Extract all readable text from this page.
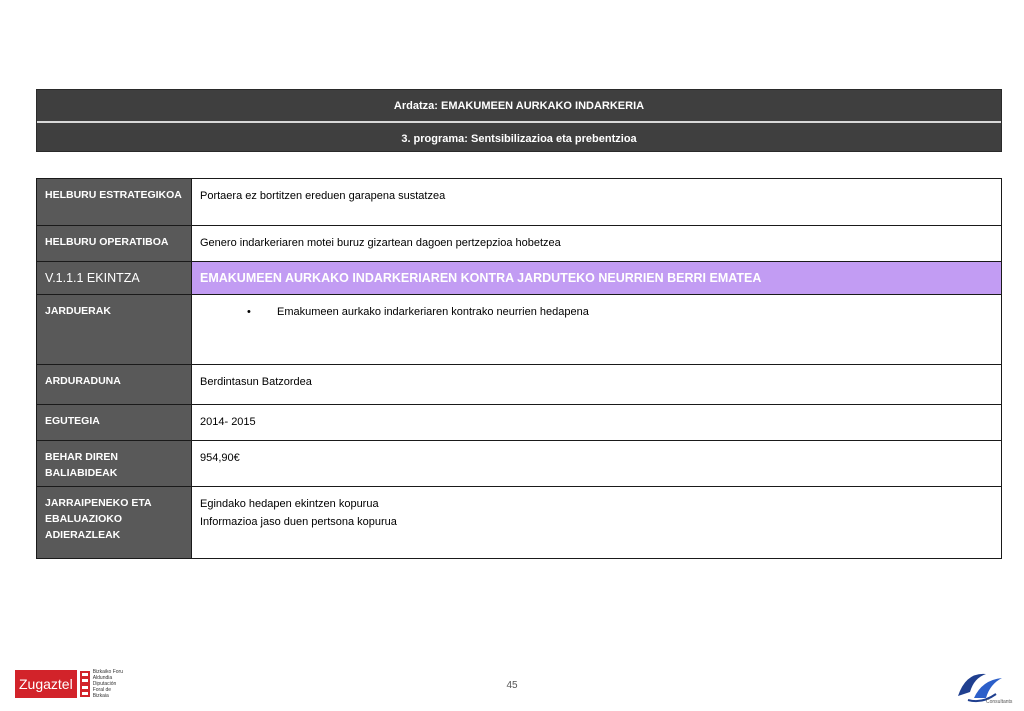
Ardatza: EMAKUMEEN AURKAKO INDARKERIA
3. programa: Sentsibilizazioa eta prebentzioa
HELBURU ESTRATEGIKOA	Portaera ez bortitzen ereduen garapena sustatzea
HELBURU OPERATIBOA	Genero indarkeriaren motei buruz gizartean dagoen pertzepzioa hobetzea
V.1.1.1 EKINTZA	EMAKUMEEN AURKAKO INDARKERIAREN KONTRA JARDUTEKO NEURRIEN BERRI EMATEA
JARDUERAK	• Emakumeen aurkako indarkeriaren kontrako neurrien hedapena

ARDURADUNA	Berdintasun Batzordea
EGUTEGIA	2014- 2015
BEHAR DIREN BALIABIDEAK	954,90€
JARRAIPENEKO ETA EBALUAZIOKO ADIERAZLEAK	Egindako hedapen ekintzen kopurua
Informazioa jaso duen pertsona kopurua
45
Zugaztel
Bizkaiko Foru Aldundia Diputación Foral de Bizkaia
Consultants
